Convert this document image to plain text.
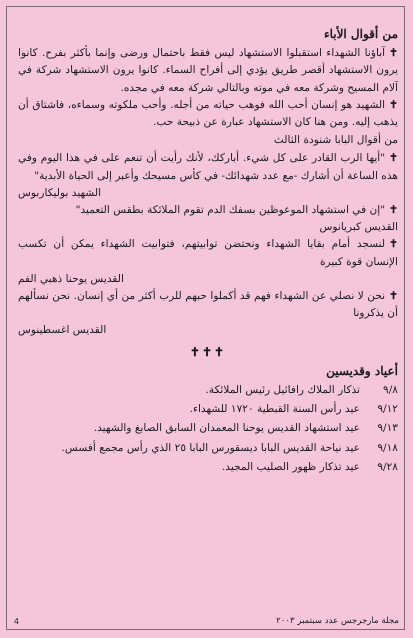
من أقوال الأباء

✝آباؤنا الشهداء استقبلوا الاستشهاد ليس فقط باحتمال ورضى وإنما بأكثر بفرح. كانوا يرون الاستشهاد أقصر طريق يؤدي إلى أفراح السماء. كانوا يرون الاستشهاد شركة في آلام المسيح وشركة معه في موته وبالتالي شركة معه في مجده.

✝الشهيد هو إنسان أحب الله فوهب حياته من أجله. وأحب ملكوته وسماءه، فاشتاق أن يذهب إليه. ومن هنا كان الاستشهاد عبارة عن ذبيحة حب.

من أقوال البابا شنودة الثالث

✝"أيها الرب القادر على كل شيء. أباركك، لأنك رأيت أن تنعم على في هذا اليوم وفي هذه الساعة أن أشارك -مع عدد شهدائك- في كأس مسيحك وأعبر إلى الحياة الأبدية"

الشهيد بوليكاربوس

✝"إن في استشهاد الموعوظين بسفك الدم تقوم الملائكة بطقس التعميد"

القديس كبريانوس

✝لنسجد أمام بقايا الشهداء ونحتضن توابيتهم، فتوابيت الشهداء يمكن أن تكسب الإنسان قوة كبيرة

القديس يوحنا ذهبي الفم

✝نحن لا نصلي عن الشهداء فهم قد أكملوا حبهم للرب أكثر من أي إنسان. نحن نسألهم أن يذكرونا

القديس اغسطينوس

✝✝✝
أعياد وقديسين
٩/٨
تذكار الملاك رافائيل رئيس الملائكة.
٩/١٢
عيد رأس السنة القبطية ١٧٢٠ للشهداء.
٩/١٣
عيد استشهاد القديس يوحنا المعمدان السابق الصابغ والشهيد.
٩/١٨
عيد نياحة القديس البابا ديسقورس البابا ٢٥ الذي رأس مجمع أفسس.
٩/٢٨
عيد تذكار ظهور الصليب المجيد.
4	مجلة مارجرجس عدد سبتمبر ٢٠٠٣
